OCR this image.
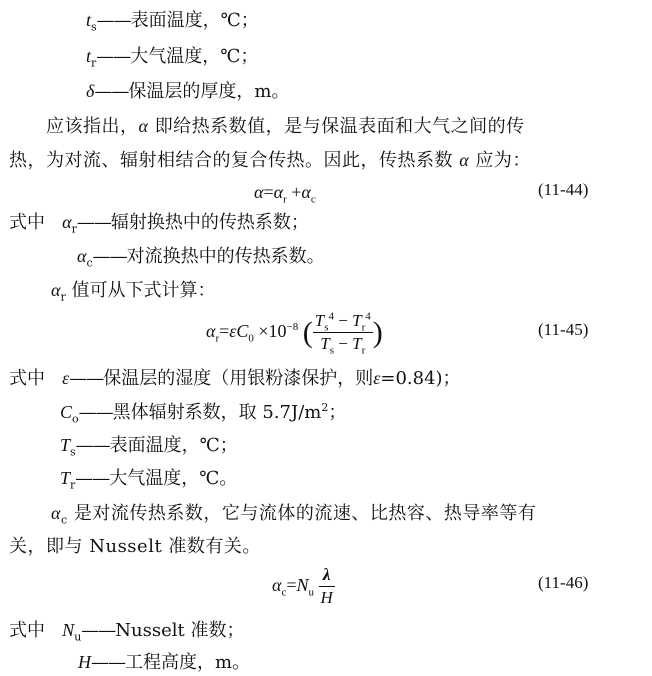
$t_s——$表面温度，℃；
$t_r——$大气温度，℃；
δ——保温层的厚度，m。
应该指出，α 即给热系数值，是与保温表面和大气之间的传
热，为对流、辐射相结合的复合传热。因此，传热系数 α 应为：
$\alpha=\alpha_r +\alpha_c$
(11-44)
式中 $\alpha_r——$辐射换热中的传热系数；
$\alpha_c——$对流换热中的传热系数。
$\alpha_r$ 值可从下式计算：
$\alpha_r=\varepsilon C_0 \times 10^{-8}$ ( $\frac{T_s^4 - T_r^4}{T_s - T_r}$ )	(11-45)
式中 ε——保温层的湿度（用银粉漆保护，则ε=0.84)；
$C_o——$黑体辐射系数，取 $5.7J/m^2$；
$T_s——$表面温度，℃；
$T_r——$大气温度，℃。
$\alpha_c$ 是对流传热系数，它与流体的流速、比热容、热导率等有
关，即与 Nusselt 准数有关。
$\alpha_c=N_u \frac{\lambda}{H}$	(11-46)
式中 $N_u——Nusselt$ 准数；
H——工程高度，m。
